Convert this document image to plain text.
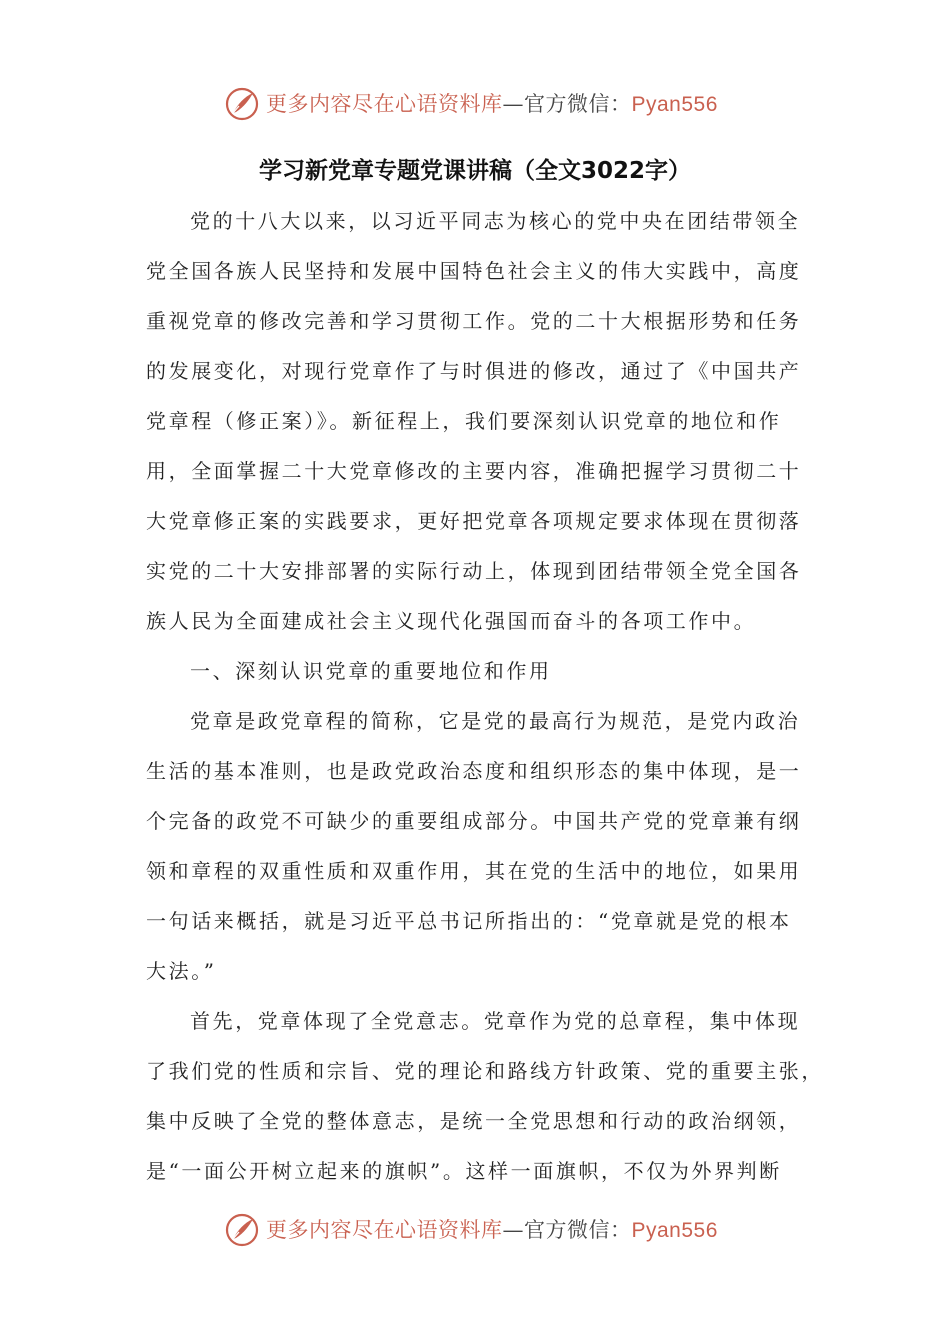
更多内容尽在心语资料库—官方微信：Pyan556
学习新党章专题党课讲稿（全文3022字）
党的十八大以来，以习近平同志为核心的党中央在团结带领全
党全国各族人民坚持和发展中国特色社会主义的伟大实践中，高度
重视党章的修改完善和学习贯彻工作。党的二十大根据形势和任务
的发展变化，对现行党章作了与时俱进的修改，通过了《中国共产
党章程（修正案）》。新征程上，我们要深刻认识党章的地位和作
用，全面掌握二十大党章修改的主要内容，准确把握学习贯彻二十
大党章修正案的实践要求，更好把党章各项规定要求体现在贯彻落
实党的二十大安排部署的实际行动上，体现到团结带领全党全国各
族人民为全面建成社会主义现代化强国而奋斗的各项工作中。
一、深刻认识党章的重要地位和作用
党章是政党章程的简称，它是党的最高行为规范，是党内政治
生活的基本准则，也是政党政治态度和组织形态的集中体现，是一
个完备的政党不可缺少的重要组成部分。中国共产党的党章兼有纲
领和章程的双重性质和双重作用，其在党的生活中的地位，如果用
一句话来概括，就是习近平总书记所指出的：“党章就是党的根本
大法。”
首先，党章体现了全党意志。党章作为党的总章程，集中体现
了我们党的性质和宗旨、党的理论和路线方针政策、党的重要主张，
集中反映了全党的整体意志，是统一全党思想和行动的政治纲领，
是“一面公开树立起来的旗帜”。这样一面旗帜，不仅为外界判断
更多内容尽在心语资料库—官方微信：Pyan556
